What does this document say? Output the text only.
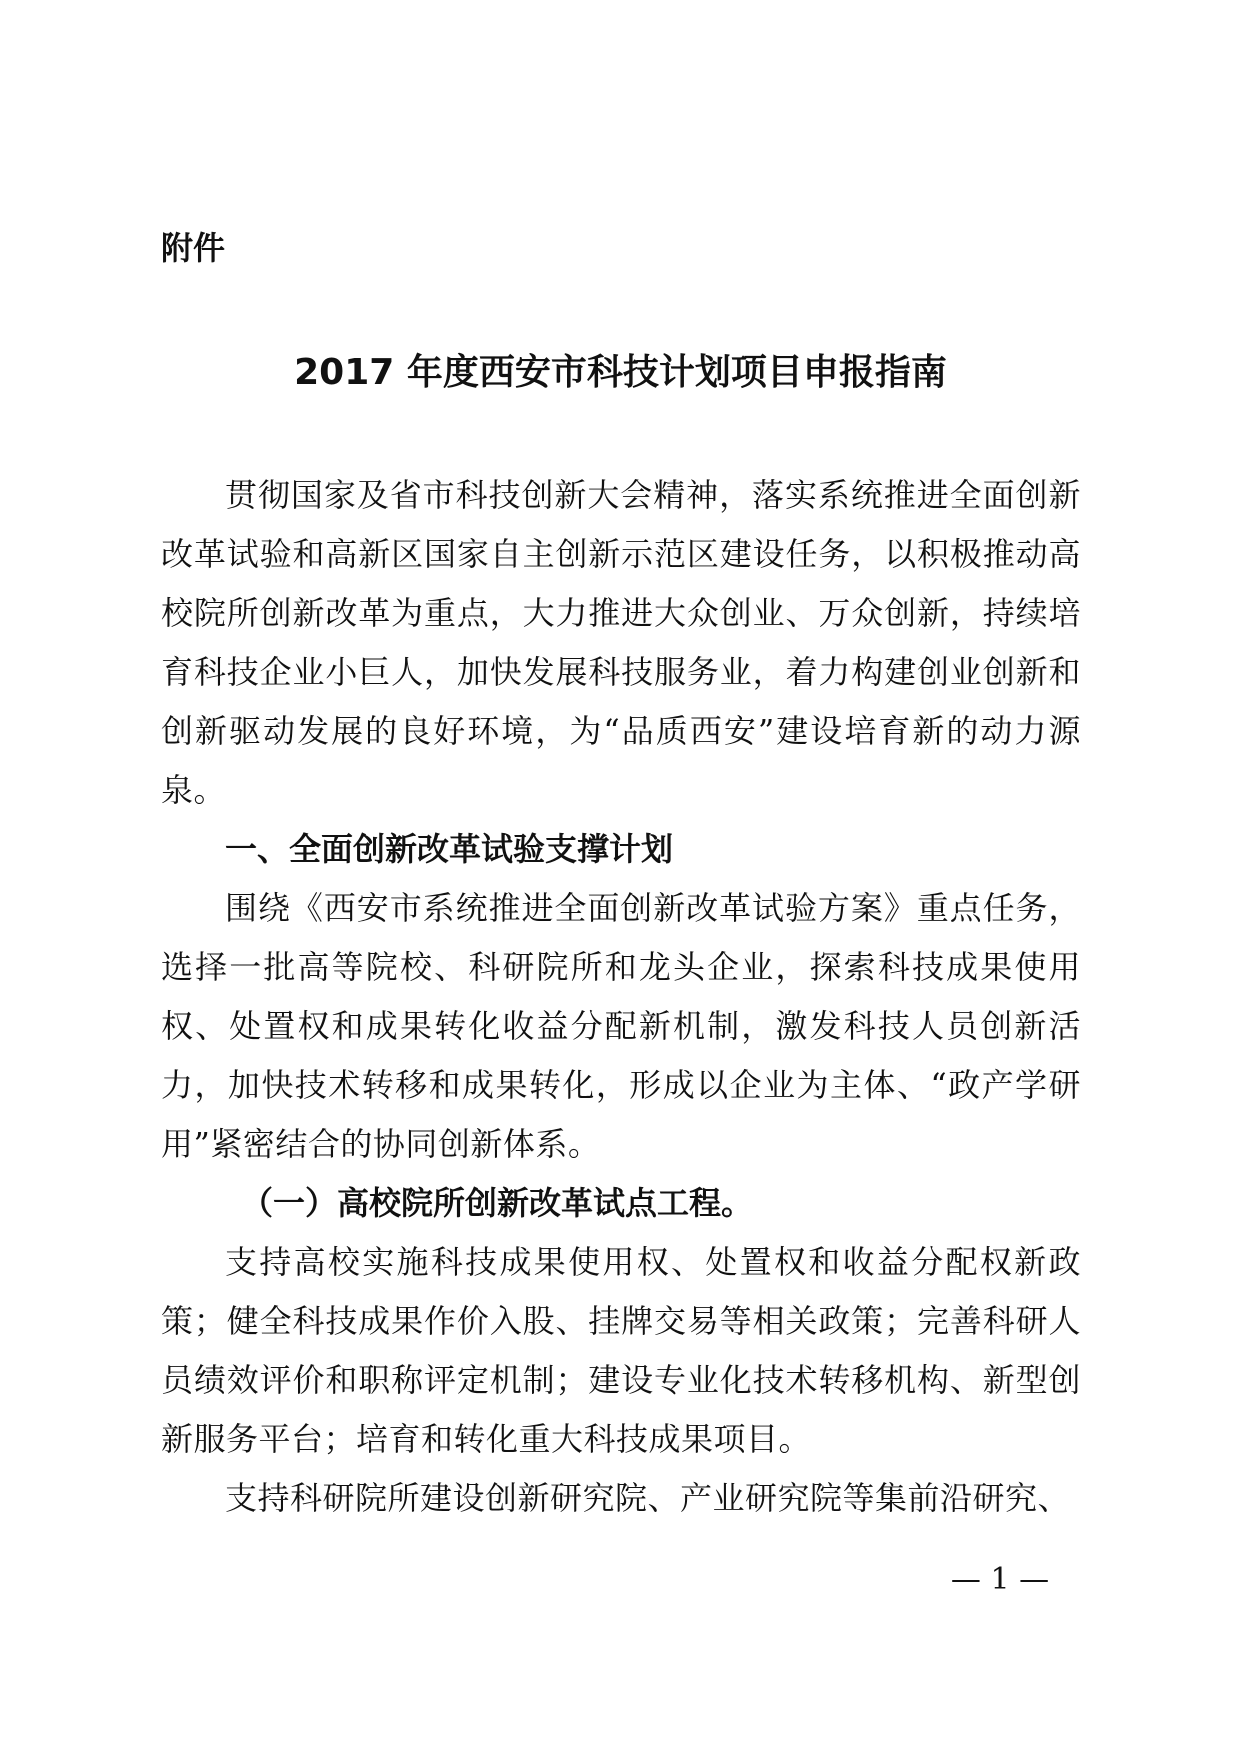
附件

2017 年度西安市科技计划项目申报指南

贯彻国家及省市科技创新大会精神，落实系统推进全面创新改革试验和高新区国家自主创新示范区建设任务，以积极推动高校院所创新改革为重点，大力推进大众创业、万众创新，持续培育科技企业小巨人，加快发展科技服务业，着力构建创业创新和创新驱动发展的良好环境，为“品质西安”建设培育新的动力源泉。

一、全面创新改革试验支撑计划

围绕《西安市系统推进全面创新改革试验方案》重点任务，选择一批高等院校、科研院所和龙头企业，探索科技成果使用权、处置权和成果转化收益分配新机制，激发科技人员创新活力，加快技术转移和成果转化，形成以企业为主体、“政产学研用”紧密结合的协同创新体系。

（一）高校院所创新改革试点工程。

支持高校实施科技成果使用权、处置权和收益分配权新政策；健全科技成果作价入股、挂牌交易等相关政策；完善科研人员绩效评价和职称评定机制；建设专业化技术转移机构、新型创新服务平台；培育和转化重大科技成果项目。

支持科研院所建设创新研究院、产业研究院等集前沿研究、

— 1 —
